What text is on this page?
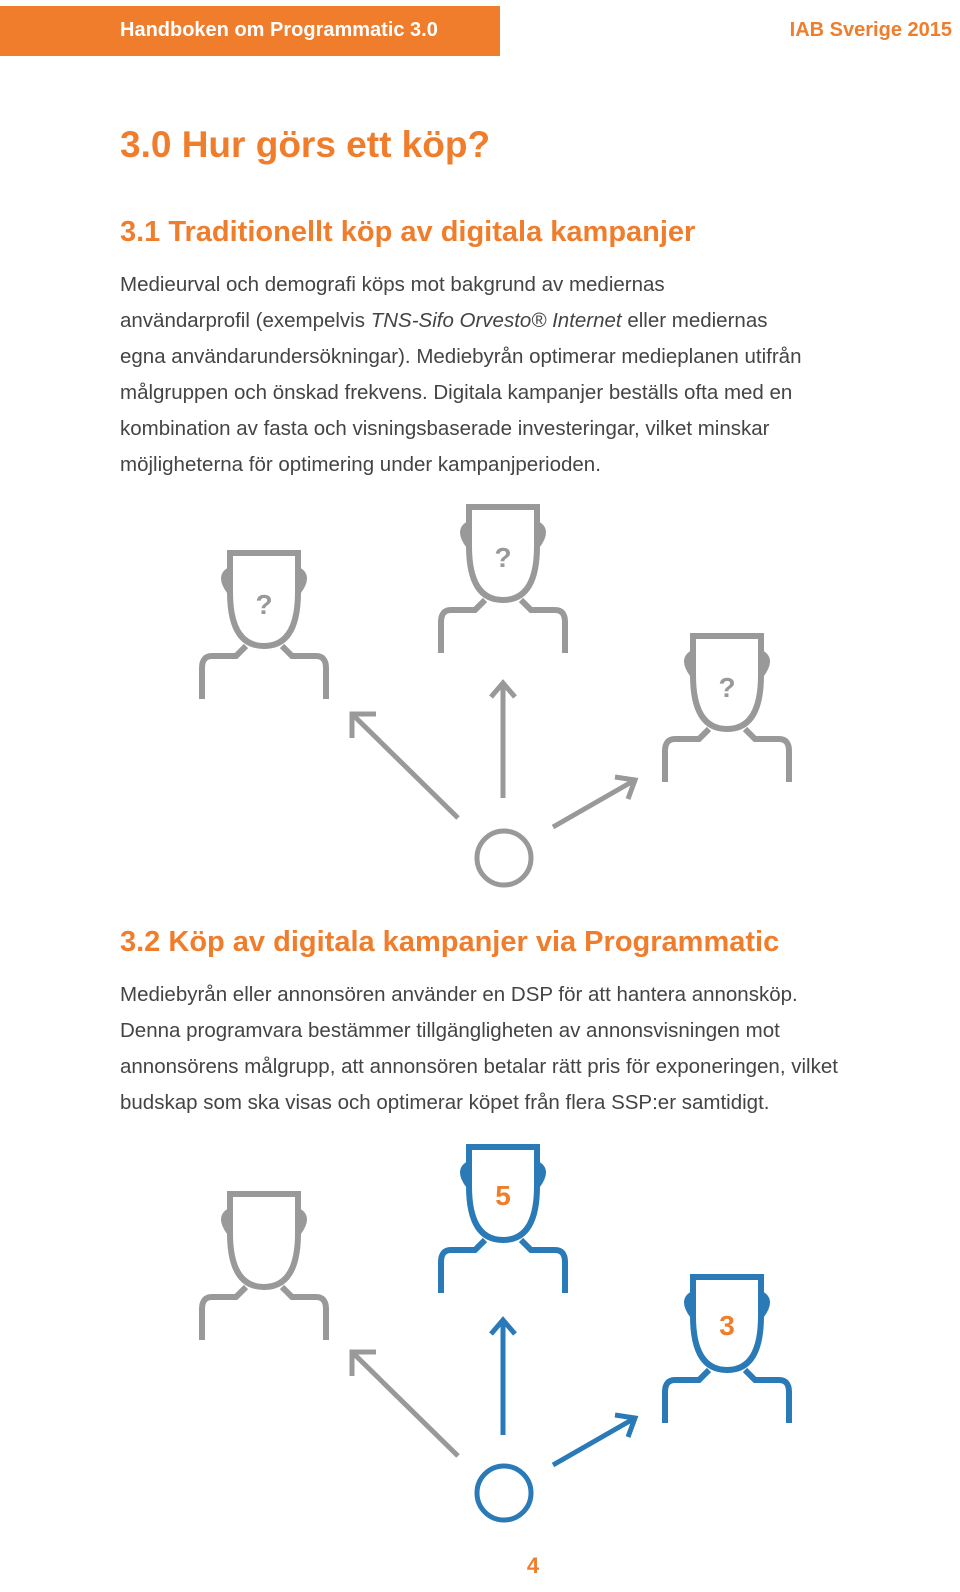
Handboken om Programmatic 3.0	IAB Sverige 2015
3.0 Hur görs ett köp?
3.1 Traditionellt köp av digitala kampanjer
Medieurval och demografi köps mot bakgrund av mediernas
användarprofil (exempelvis TNS-Sifo Orvesto® Internet eller mediernas
egna användarundersökningar). Mediebyrån optimerar medieplanen utifrån
målgruppen och önskad frekvens. Digitala kampanjer beställs ofta med en
kombination av fasta och visningsbaserade investeringar, vilket minskar
möjligheterna för optimering under kampanjperioden.
?
?
?
3.2 Köp av digitala kampanjer via Programmatic
Mediebyrån eller annonsören använder en DSP för att hantera annonsköp.
Denna programvara bestämmer tillgängligheten av annonsvisningen mot
annonsörens målgrupp, att annonsören betalar rätt pris för exponeringen, vilket
budskap som ska visas och optimerar köpet från flera SSP:er samtidigt.
5
3
4
